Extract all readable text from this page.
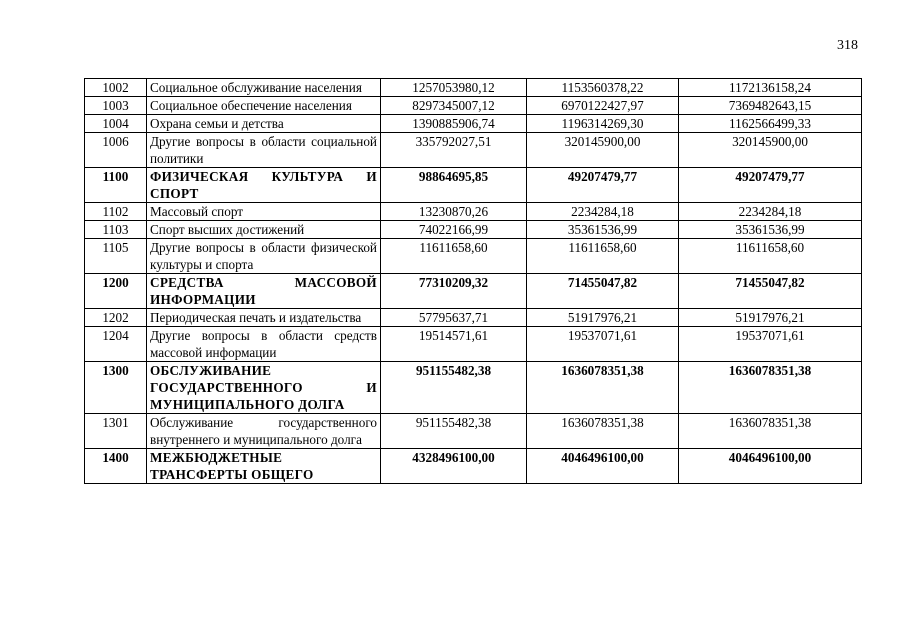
318
1002	Социальное обслуживание населения	1257053980,12	1153560378,22	1172136158,24
1003	Социальное обеспечение населения	8297345007,12	6970122427,97	7369482643,15
1004	Охрана семьи и детства	1390885906,74	1196314269,30	1162566499,33
1006	Другие вопросы в области социальной политики	335792027,51	320145900,00	320145900,00
1100	ФИЗИЧЕСКАЯ КУЛЬТУРА И СПОРТ	98864695,85	49207479,77	49207479,77
1102	Массовый спорт	13230870,26	2234284,18	2234284,18
1103	Спорт высших достижений	74022166,99	35361536,99	35361536,99
1105	Другие вопросы в области физической культуры и спорта	11611658,60	11611658,60	11611658,60
1200	СРЕДСТВА МАССОВОЙ ИНФОРМАЦИИ	77310209,32	71455047,82	71455047,82
1202	Периодическая печать и издательства	57795637,71	51917976,21	51917976,21
1204	Другие вопросы в области средств массовой информации	19514571,61	19537071,61	19537071,61
1300	ОБСЛУЖИВАНИЕ ГОСУДАРСТВЕННОГО И МУНИЦИПАЛЬНОГО ДОЛГА	951155482,38	1636078351,38	1636078351,38
1301	Обслуживание государственного внутреннего и муниципального долга	951155482,38	1636078351,38	1636078351,38
1400	МЕЖБЮДЖЕТНЫЕ ТРАНСФЕРТЫ ОБЩЕГО	4328496100,00	4046496100,00	4046496100,00
